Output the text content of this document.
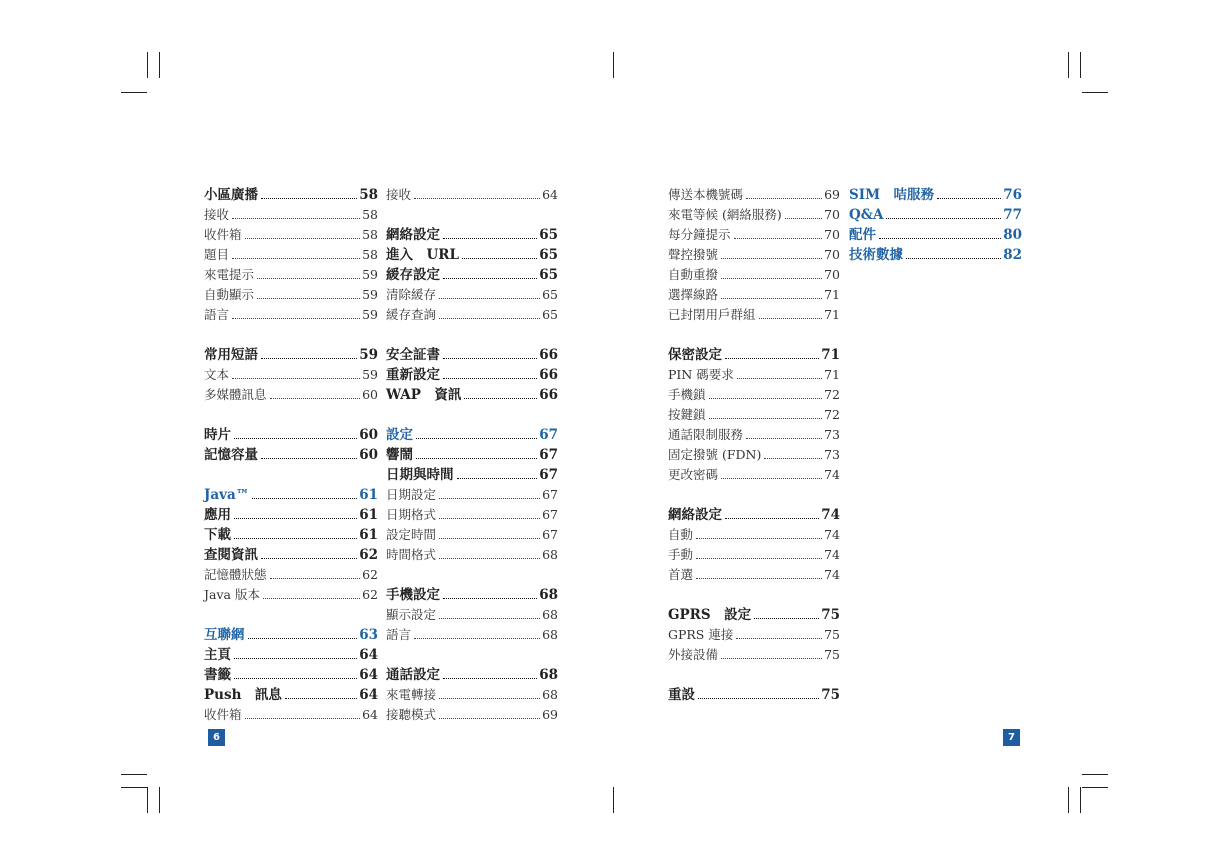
小區廣播	58
接收	58
收件箱	58
題目	58
來電提示	59
自動顯示	59
語言	59
常用短語	59
文本	59
多媒體訊息	60
時片	60
記憶容量	60
Java™	61
應用	61
下載	61
查閱資訊	62
記憶體狀態	62
Java 版本	62
互聯網	63
主頁	64
書籤	64
Push　訊息	64
收件箱	64
接收	64
網絡設定	65
進入　URL	65
緩存設定	65
清除緩存	65
緩存查詢	65
安全証書	66
重新設定	66
WAP　資訊	66
設定	67
響鬧	67
日期與時間	67
日期設定	67
日期格式	67
設定時間	67
時間格式	68
手機設定	68
顯示設定	68
語言	68
通話設定	68
來電轉接	68
接聽模式	69
傳送本機號碼	69
來電等候 (網絡服務)	70
每分鐘提示	70
聲控撥號	70
自動重撥	70
選擇線路	71
已封閉用戶群組	71
保密設定	71
PIN 碼要求	71
手機鎖	72
按鍵鎖	72
通話限制服務	73
固定撥號 (FDN)	73
更改密碼	74
網絡設定	74
自動	74
手動	74
首選	74
GPRS　設定	75
GPRS 連接	75
外接設備	75
重設	75
SIM　咭服務	76
Q&A	77
配件	80
技術數據	82
6	7
